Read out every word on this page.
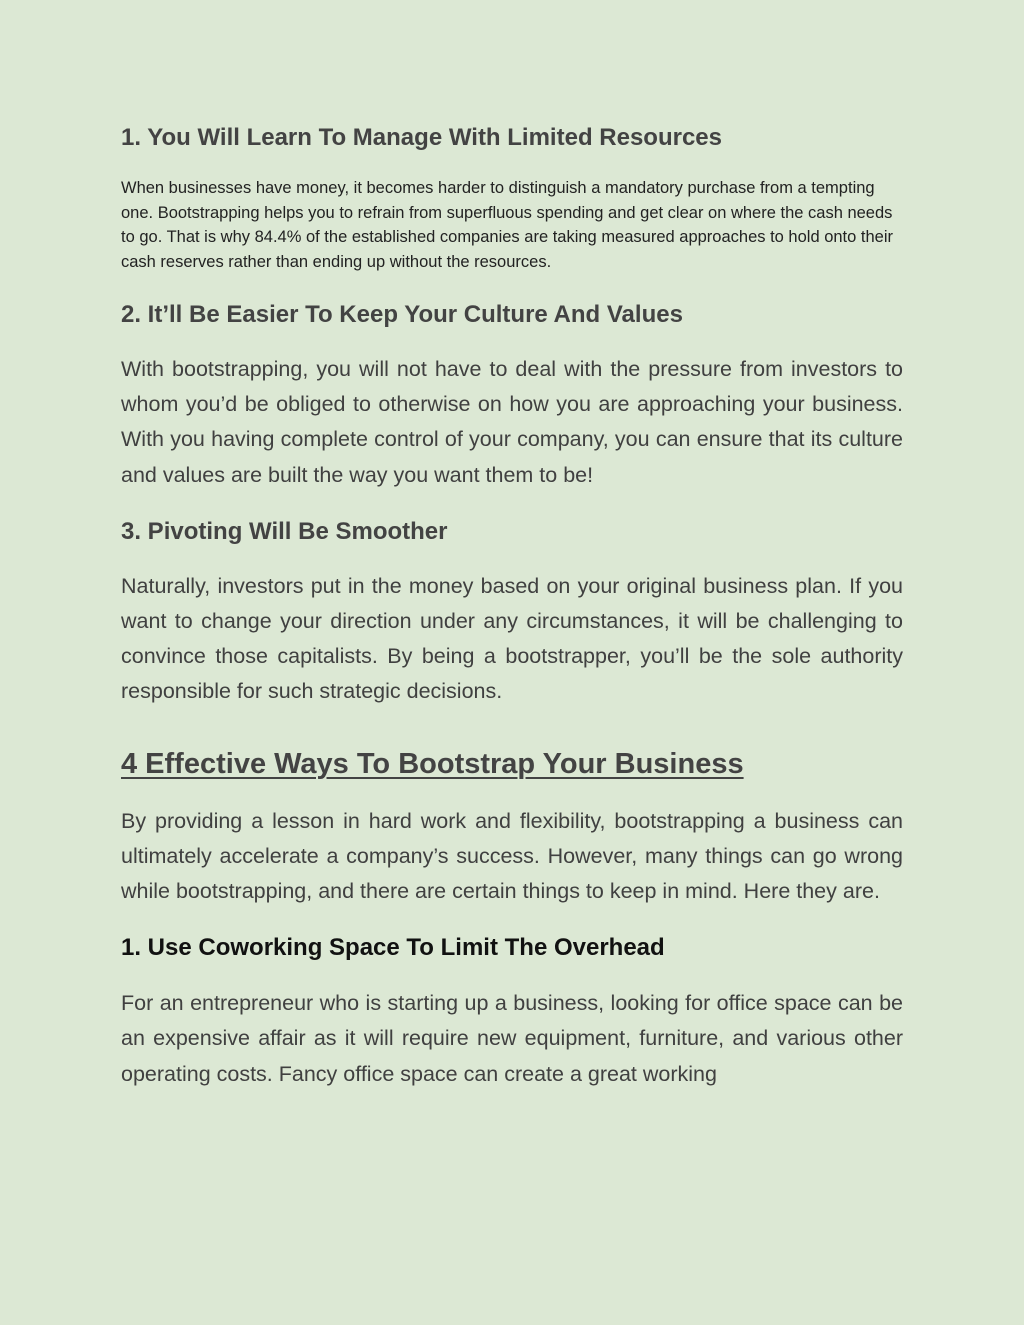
1. You Will Learn To Manage With Limited Resources

When businesses have money, it becomes harder to distinguish a mandatory purchase from a tempting one. Bootstrapping helps you to refrain from superfluous spending and get clear on where the cash needs to go. That is why 84.4% of the established companies are taking measured approaches to hold onto their cash reserves rather than ending up without the resources.

2. It’ll Be Easier To Keep Your Culture And Values

With bootstrapping, you will not have to deal with the pressure from investors to whom you’d be obliged to otherwise on how you are approaching your business. With you having complete control of your company, you can ensure that its culture and values are built the way you want them to be!

3. Pivoting Will Be Smoother

Naturally, investors put in the money based on your original business plan. If you want to change your direction under any circumstances, it will be challenging to convince those capitalists. By being a bootstrapper, you’ll be the sole authority responsible for such strategic decisions.

4 Effective Ways To Bootstrap Your Business

By providing a lesson in hard work and flexibility, bootstrapping a business can ultimately accelerate a company’s success. However, many things can go wrong while bootstrapping, and there are certain things to keep in mind. Here they are.

1. Use Coworking Space To Limit The Overhead

For an entrepreneur who is starting up a business, looking for office space can be an expensive affair as it will require new equipment, furniture, and various other operating costs. Fancy office space can create a great working
